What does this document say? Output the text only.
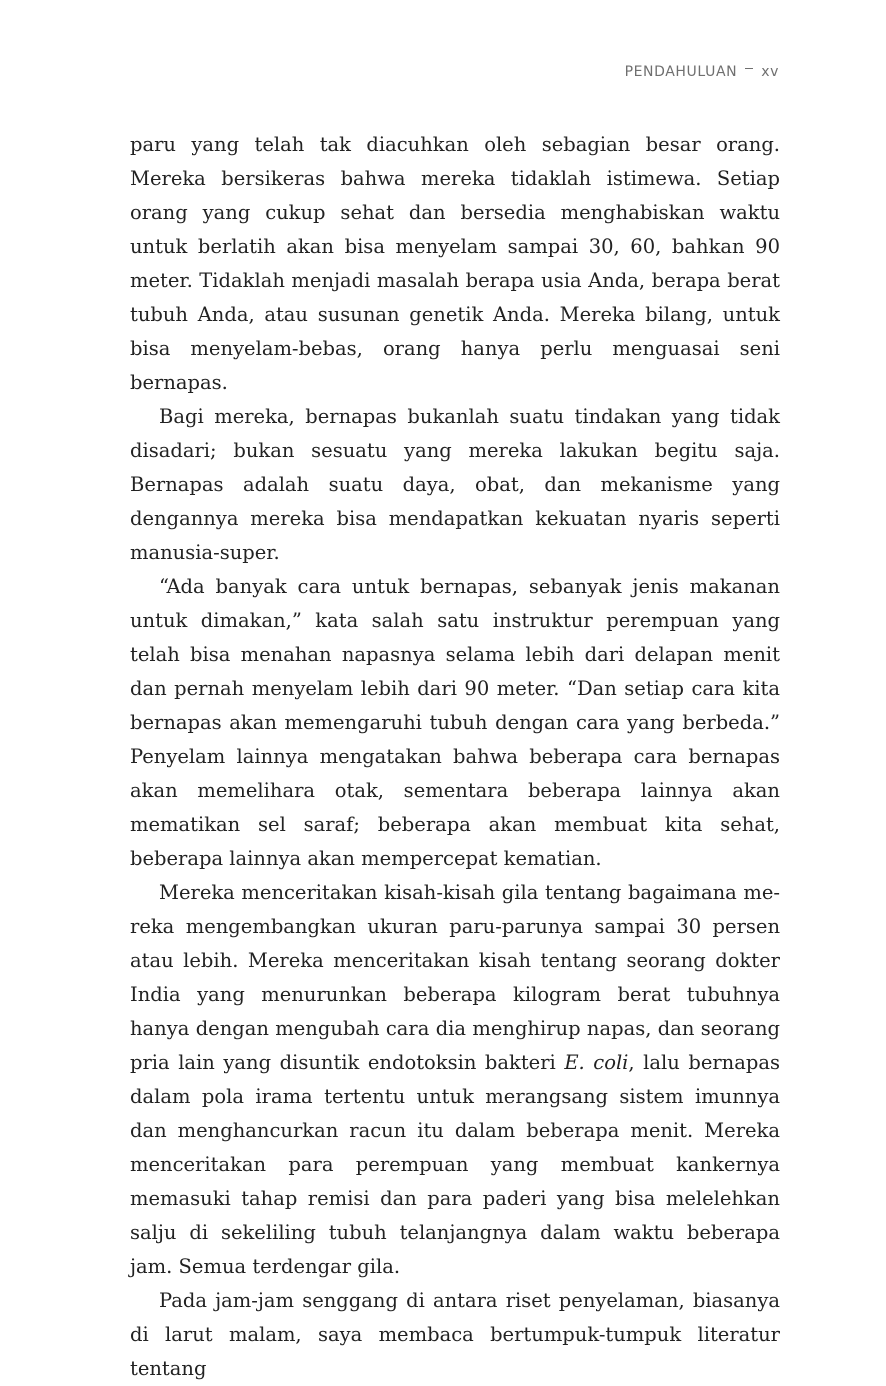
PENDAHULUAN xv

paru yang telah tak diacuhkan oleh sebagian besar orang. Mereka bersikeras bahwa mereka tidaklah istimewa. Setiap orang yang cukup sehat dan bersedia menghabiskan waktu untuk berlatih akan bisa menyelam sampai 30, 60, bahkan 90 meter. Tidaklah menjadi masalah berapa usia Anda, berapa berat tubuh Anda, atau susunan genetik Anda. Mereka bilang, untuk bisa menyelam-bebas, orang hanya perlu menguasai seni bernapas.

Bagi mereka, bernapas bukanlah suatu tindakan yang tidak disadari; bukan sesuatu yang mereka lakukan begitu saja. Bernapas adalah suatu daya, obat, dan mekanisme yang dengannya mereka bisa mendapatkan kekuatan nyaris seperti manusia-super.

“Ada banyak cara untuk bernapas, sebanyak jenis makanan untuk dimakan,” kata salah satu instruktur perempuan yang telah bisa menahan napasnya selama lebih dari delapan menit dan pernah menyelam lebih dari 90 meter. “Dan setiap cara kita bernapas akan memengaruhi tubuh dengan cara yang berbeda.” Penyelam lainnya mengatakan bahwa beberapa cara bernapas akan memelihara otak, sementara beberapa lainnya akan mematikan sel saraf; beberapa akan membuat kita sehat, beberapa lainnya akan mempercepat kematian.

Mereka menceritakan kisah-kisah gila tentang bagaimana mereka mengembangkan ukuran paru-parunya sampai 30 persen atau lebih. Mereka menceritakan kisah tentang seorang dokter India yang menurunkan beberapa kilogram berat tubuhnya hanya dengan mengubah cara dia menghirup napas, dan seorang pria lain yang disuntik endotoksin bakteri E. coli, lalu bernapas dalam pola irama tertentu untuk merangsang sistem imunnya dan menghancurkan racun itu dalam beberapa menit. Mereka menceritakan para perempuan yang membuat kankernya memasuki tahap remisi dan para paderi yang bisa melelehkan salju di sekeliling tubuh telanjangnya dalam waktu beberapa jam. Semua terdengar gila.

Pada jam-jam senggang di antara riset penyelaman, biasanya di larut malam, saya membaca bertumpuk-tumpuk literatur tentang
